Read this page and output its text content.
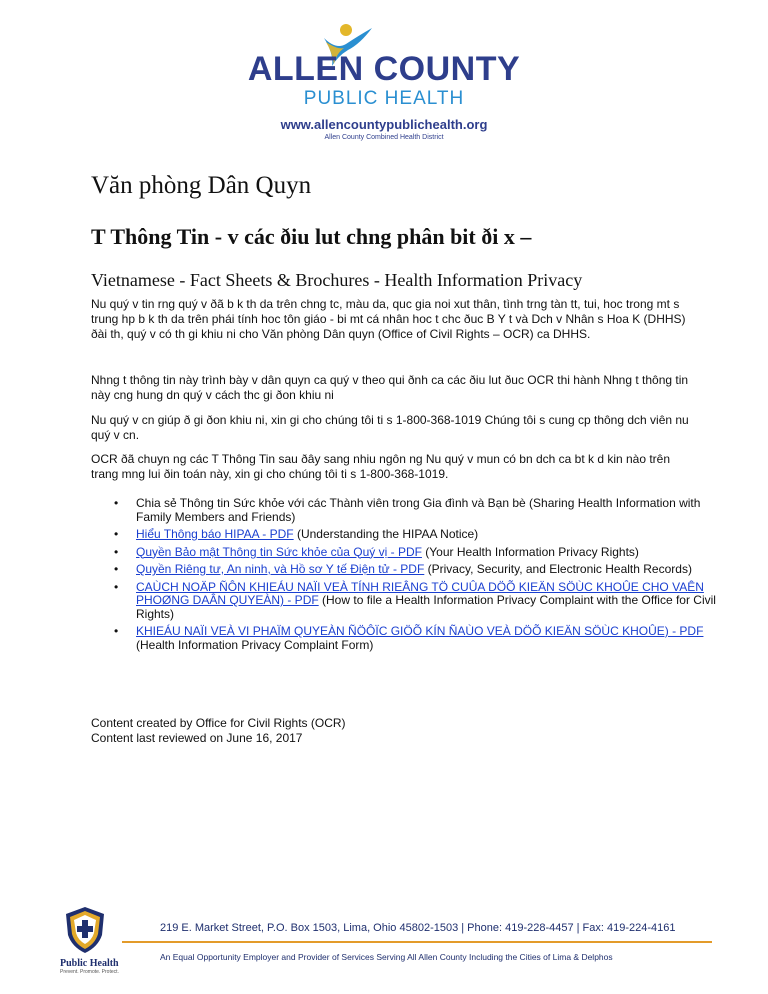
ALLEN COUNTY
PUBLIC HEALTH
www.allencountypublichealth.org
Allen County Combined Health District
Văn phòng Dân Quyn
T Thông Tin - v các ðiu lut chng phân bit ði x –
Vietnamese - Fact Sheets & Brochures - Health Information Privacy
Nu quý v tin rng quý v ðã b k th da trên chng tc, màu da, quc gia noi xut thân, tình trng tàn tt, tui, hoc trong mt s trung hp b k th da trên phái tính hoc tôn giáo - bi mt cá nhân hoc t chc ðuc B Y t và Dch v Nhân s Hoa K (DHHS) ðài th, quý v có th gi khiu ni cho Văn phòng Dân quyn (Office of Civil Rights – OCR) ca DHHS.
Nhng t thông tin này trình bày v dân quyn ca quý v theo qui ðnh ca các ðiu lut ðuc OCR thi hành Nhng t thông tin này cng hung dn quý v cách thc gi ðon khiu ni
Nu quý v cn giúp ð gi ðon khiu ni, xin gi cho chúng tôi ti s 1-800-368-1019 Chúng tôi s cung cp thông dch viên nu quý v cn.
OCR ðã chuyn ng các T Thông Tin sau ðây sang nhiu ngôn ng Nu quý v mun có bn dch ca bt k d kin nào trên trang mng lui ðin toán này, xin gi cho chúng tôi ti s 1-800-368-1019.
• Chia sẻ Thông tin Sức khỏe với các Thành viên trong Gia đình và Bạn bè (Sharing Health Information with Family Members and Friends)
• Hiểu Thông báo HIPAA - PDF (Understanding the HIPAA Notice)
• Quyền Bảo mật Thông tin Sức khỏe của Quý vị - PDF (Your Health Information Privacy Rights)
• Quyền Riêng tư, An ninh, và Hồ sơ Y tế Điện tử - PDF (Privacy, Security, and Electronic Health Records)
• CAÙCH NOÄP ÑÔN KHIEÁU NAÏI VEÀ TÍNH RIEÂNG TÖ CUÛA DÖÕ KIEÄN SÖÙC KHOÛE CHO VAÊN PHOØNG DAÂN QUYEÀN) - PDF (How to file a Health Information Privacy Complaint with the Office for Civil Rights)
• KHIEÁU NAÏI VEÀ VI PHAÏM QUYEÀN ÑÖÔÏC GIÖÕ KÍN ÑAÙO VEÀ DÖÕ KIEÄN SÖÙC KHOÛE) - PDF (Health Information Privacy Complaint Form)
Content created by Office for Civil Rights (OCR)
Content last reviewed on June 16, 2017
Public Health
Prevent. Promote. Protect.
219 E. Market Street, P.O. Box 1503, Lima, Ohio 45802-1503 | Phone: 419-228-4457 | Fax: 419-224-4161
An Equal Opportunity Employer and Provider of Services Serving All Allen County Including the Cities of Lima & Delphos
